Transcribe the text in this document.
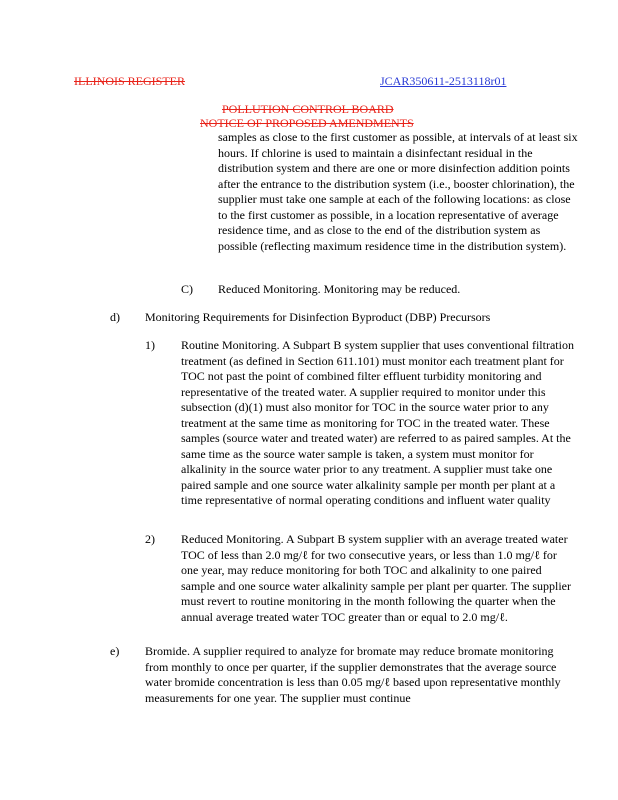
ILLINOIS REGISTER	JCAR350611-2513118r01
POLLUTION CONTROL BOARD
NOTICE OF PROPOSED AMENDMENTS
samples as close to the first customer as possible, at intervals of at least six hours. If chlorine is used to maintain a disinfectant residual in the distribution system and there are one or more disinfection addition points after the entrance to the distribution system (i.e., booster chlorination), the supplier must take one sample at each of the following locations: as close to the first customer as possible, in a location representative of average residence time, and as close to the end of the distribution system as possible (reflecting maximum residence time in the distribution system).
C) Reduced Monitoring. Monitoring may be reduced.
d) Monitoring Requirements for Disinfection Byproduct (DBP) Precursors
1) Routine Monitoring. A Subpart B system supplier that uses conventional filtration treatment (as defined in Section 611.101) must monitor each treatment plant for TOC not past the point of combined filter effluent turbidity monitoring and representative of the treated water. A supplier required to monitor under this subsection (d)(1) must also monitor for TOC in the source water prior to any treatment at the same time as monitoring for TOC in the treated water. These samples (source water and treated water) are referred to as paired samples. At the same time as the source water sample is taken, a system must monitor for alkalinity in the source water prior to any treatment. A supplier must take one paired sample and one source water alkalinity sample per month per plant at a time representative of normal operating conditions and influent water quality
2) Reduced Monitoring. A Subpart B system supplier with an average treated water TOC of less than 2.0 mg/ℓ for two consecutive years, or less than 1.0 mg/ℓ for one year, may reduce monitoring for both TOC and alkalinity to one paired sample and one source water alkalinity sample per plant per quarter. The supplier must revert to routine monitoring in the month following the quarter when the annual average treated water TOC greater than or equal to 2.0 mg/ℓ.
e) Bromide. A supplier required to analyze for bromate may reduce bromate monitoring from monthly to once per quarter, if the supplier demonstrates that the average source water bromide concentration is less than 0.05 mg/ℓ based upon representative monthly measurements for one year. The supplier must continue
